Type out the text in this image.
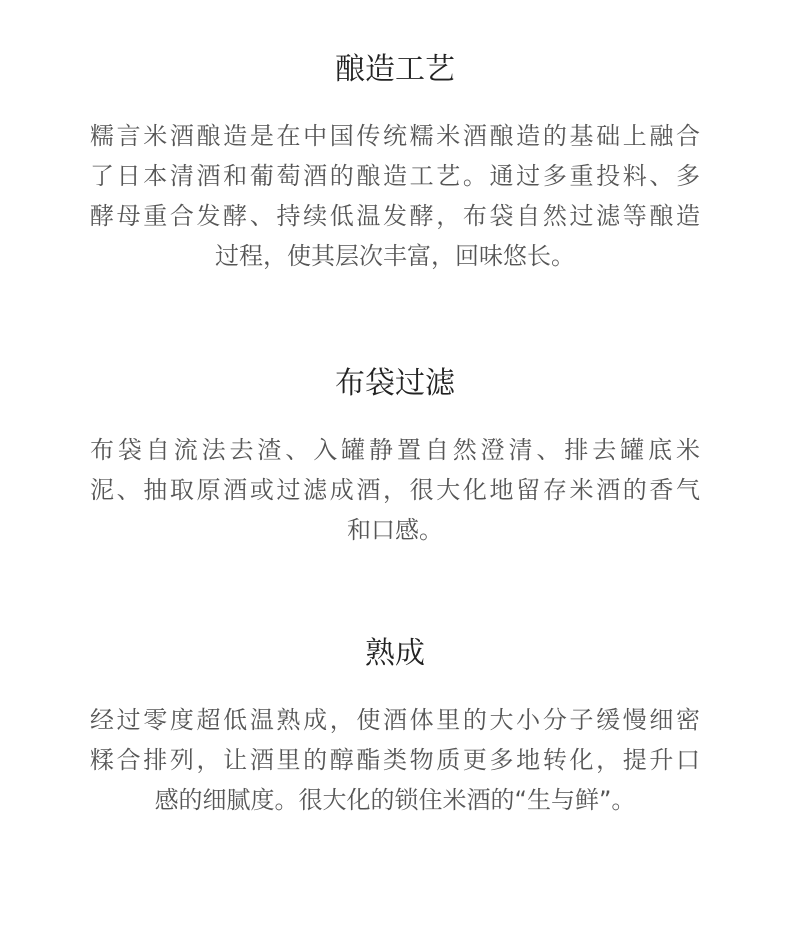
酿造工艺
糯言米酒酿造是在中国传统糯米酒酿造的基础上融合
了日本清酒和葡萄酒的酿造工艺。通过多重投料、多
酵母重合发酵、持续低温发酵，布袋自然过滤等酿造
过程，使其层次丰富，回味悠长。
布袋过滤
布袋自流法去渣、入罐静置自然澄清、排去罐底米
泥、抽取原酒或过滤成酒，很大化地留存米酒的香气
和口感。
熟成
经过零度超低温熟成，使酒体里的大小分子缓慢细密
糅合排列，让酒里的醇酯类物质更多地转化，提升口
感的细腻度。很大化的锁住米酒的“生与鲜”。
